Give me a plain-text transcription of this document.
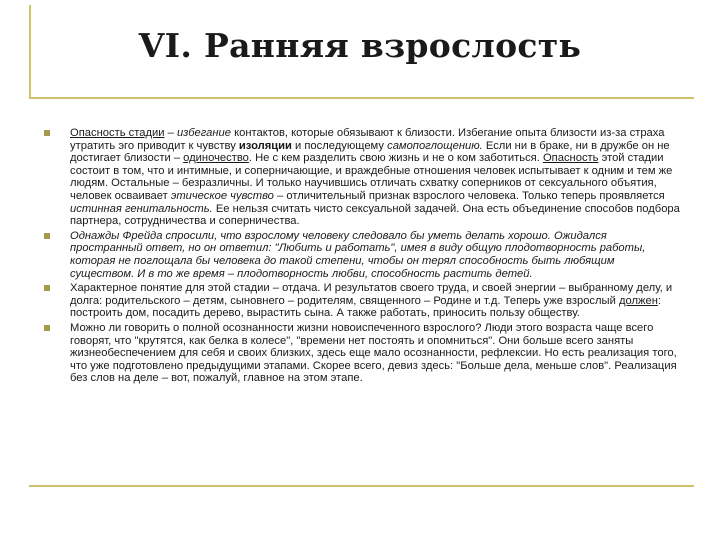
VI. Ранняя взрослость
Опасность стадии – избегание контактов, которые обязывают к близости. Избегание опыта близости из-за страха утратить эго приводит к чувству изоляции и последующему самопоглощению. Если ни в браке, ни в дружбе он не достигает близости – одиночество. Не с кем разделить свою жизнь и не о ком заботиться. Опасность этой стадии состоит в том, что и интимные, и соперничающие, и враждебные отношения человек испытывает к одним и тем же людям. Остальные – безразличны. И только научившись отличать схватку соперников от сексуального объятия, человек осваивает этическое чувство – отличительный признак взрослого человека. Только теперь проявляется истинная генитальность. Ее нельзя считать чисто сексуальной задачей. Она есть объединение способов подбора партнера, сотрудничества и соперничества.
Однажды Фрейда спросили, что взрослому человеку следовало бы уметь делать хорошо. Ожидался пространный ответ, но он ответил: "Любить и работать", имея в виду общую плодотворность работы, которая не поглощала бы человека до такой степени, чтобы он терял способность быть любящим существом. И в то же время – плодотворность любви, способность растить детей.
Характерное понятие для этой стадии – отдача. И результатов своего труда, и своей энергии – выбранному делу, и долга: родительского – детям, сыновнего – родителям, священного – Родине и т.д. Теперь уже взрослый должен: построить дом, посадить дерево, вырастить сына. А также работать, приносить пользу обществу.
Можно ли говорить о полной осознанности жизни новоиспеченного взрослого? Люди этого возраста чаще всего говорят, что "крутятся, как белка в колесе", "времени нет постоять и опомниться". Они больше всего заняты жизнеобеспечением для себя и своих близких, здесь еще мало осознанности, рефлексии. Но есть реализация того, что уже подготовлено предыдущими этапами. Скорее всего, девиз здесь: "Больше дела, меньше слов". Реализация без слов на деле – вот, пожалуй, главное на этом этапе.
